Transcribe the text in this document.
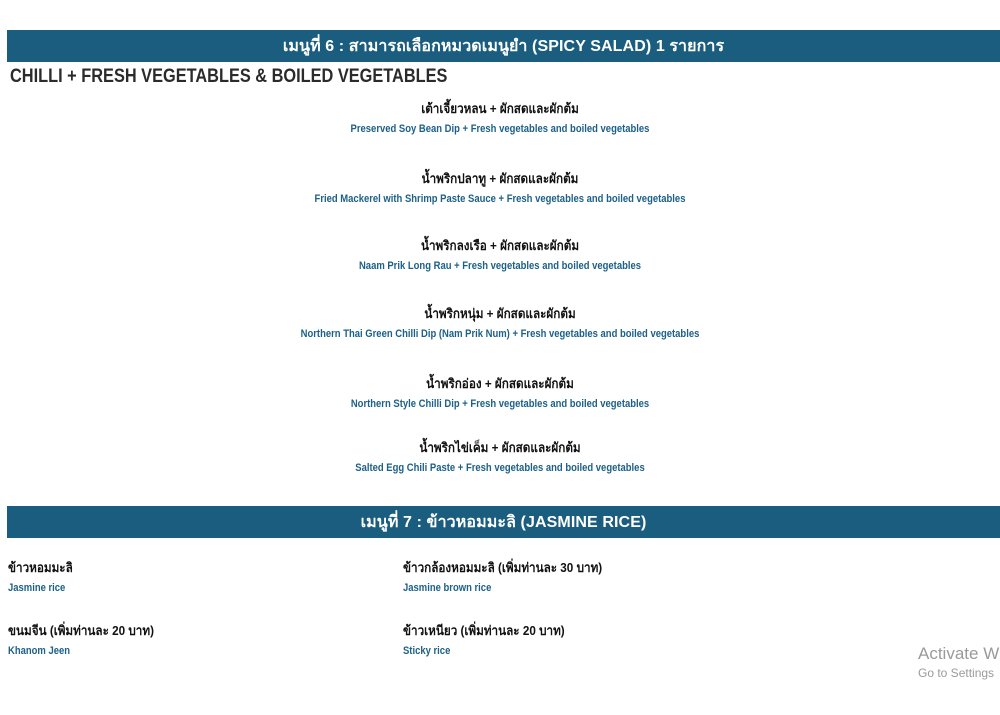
เมนูที่ 6 : สามารถเลือกหมวดเมนูยำ (SPICY SALAD) 1 รายการ
CHILLI + FRESH VEGETABLES & BOILED VEGETABLES
เต้าเจี้ยวหลน + ผักสดและผักต้ม
Preserved Soy Bean Dip + Fresh vegetables and boiled vegetables
น้ำพริกปลาทู + ผักสดและผักต้ม
Fried Mackerel with Shrimp Paste Sauce + Fresh vegetables and boiled vegetables
น้ำพริกลงเรือ + ผักสดและผักต้ม
Naam Prik Long Rau + Fresh vegetables and boiled vegetables
น้ำพริกหนุ่ม + ผักสดและผักต้ม
Northern Thai Green Chilli Dip (Nam Prik Num) + Fresh vegetables and boiled vegetables
น้ำพริกอ่อง + ผักสดและผักต้ม
Northern Style Chilli Dip + Fresh vegetables and boiled vegetables
น้ำพริกไข่เค็ม + ผักสดและผักต้ม
Salted Egg Chili Paste + Fresh vegetables and boiled vegetables
เมนูที่ 7 : ข้าวหอมมะลิ (JASMINE RICE)
ข้าวหอมมะลิ
Jasmine rice
ข้าวกล้องหอมมะลิ (เพิ่มท่านละ 30 บาท)
Jasmine brown rice
ขนมจีน (เพิ่มท่านละ 20 บาท)
Khanom Jeen
ข้าวเหนียว (เพิ่มท่านละ 20 บาท)
Sticky rice	Activate W
Go to Settings
